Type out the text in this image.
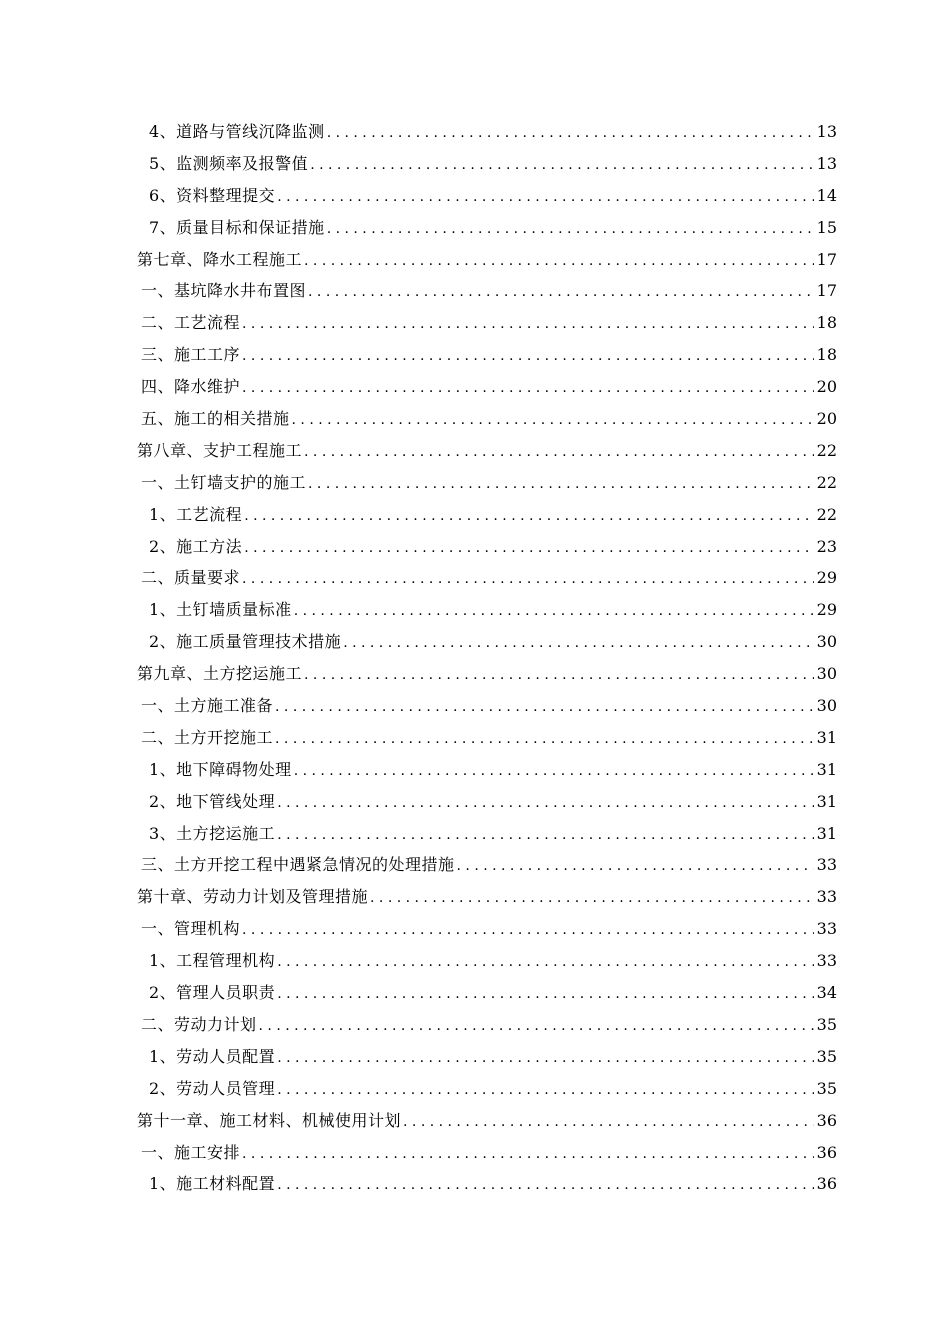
4、道路与管线沉降监测 . . .	13
5、监测频率及报警值 . . .	13
6、资料整理提交 . . .	14
7、质量目标和保证措施 . . .	15
第七章、降水工程施工 . . .	17
一、基坑降水井布置图 . . .	17
二、工艺流程 . . .	18
三、施工工序 . . .	18
四、降水维护 . . .	20
五、施工的相关措施 . . .	20
第八章、支护工程施工 . . .	22
一、土钉墙支护的施工 . . .	22
1、工艺流程 . . .	22
2、施工方法 . . .	23
二、质量要求 . . .	29
1、土钉墙质量标准 . . .	29
2、施工质量管理技术措施 . . .	30
第九章、土方挖运施工 . . .	30
一、土方施工准备 . . .	30
二、土方开挖施工 . . .	31
1、地下障碍物处理 . . .	31
2、地下管线处理 . . .	31
3、土方挖运施工 . . .	31
三、土方开挖工程中遇紧急情况的处理措施 . . .	33
第十章、劳动力计划及管理措施 . . .	33
一、管理机构 . . .	33
1、工程管理机构 . . .	33
2、管理人员职责 . . .	34
二、劳动力计划 . . .	35
1、劳动人员配置 . . .	35
2、劳动人员管理 . . .	35
第十一章、施工材料、机械使用计划 . . .	36
一、施工安排 . . .	36
1、施工材料配置 . . .	36
